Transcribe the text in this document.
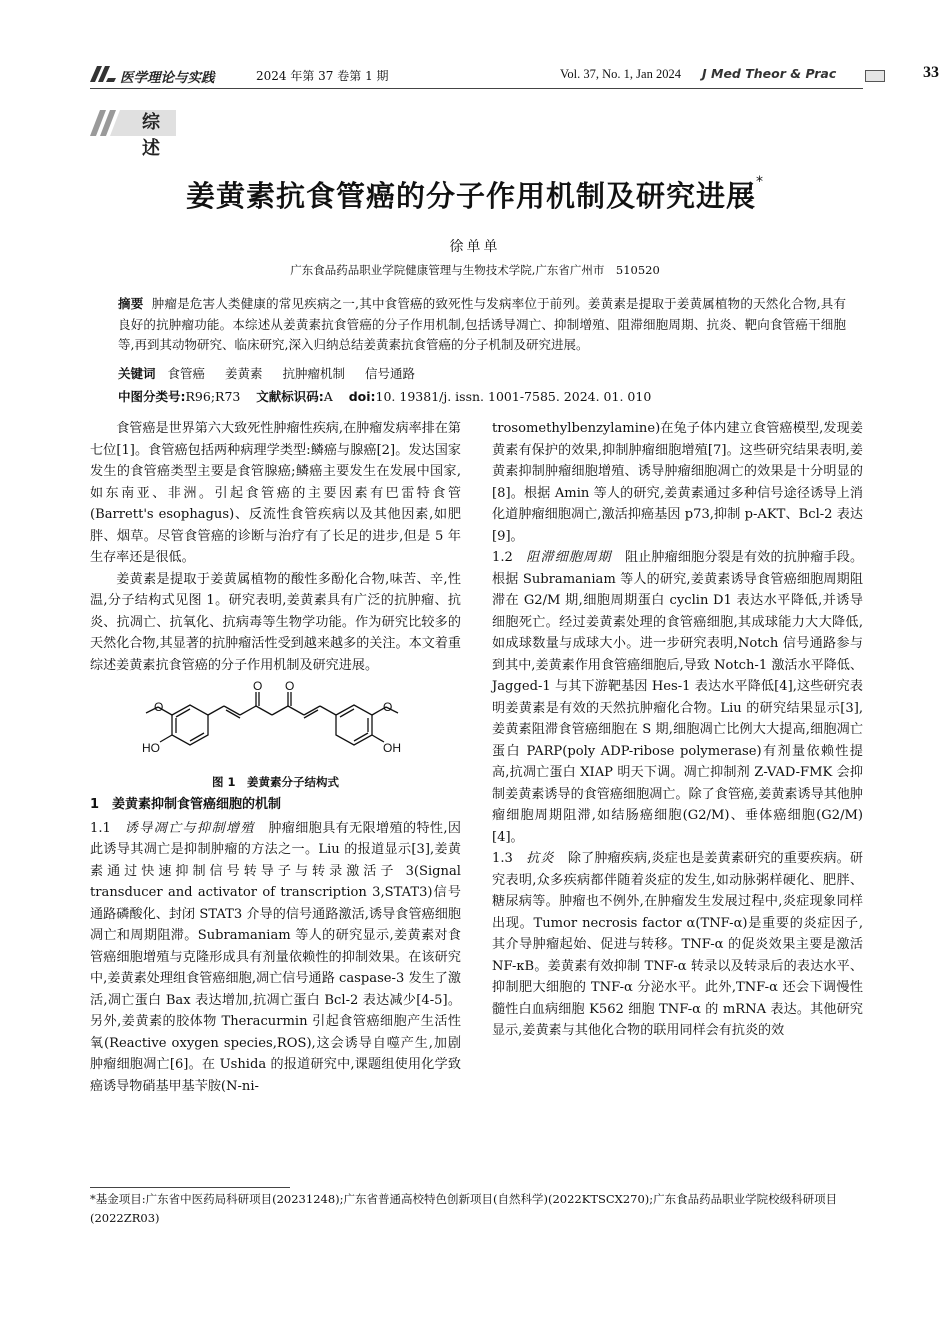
医学理论与实践	2024 年第 37 卷第 1 期	Vol. 37, No. 1, Jan 2024 J Med Theor & Prac	33
综 述
姜黄素抗食管癌的分子作用机制及研究进展*
徐单单
广东食品药品职业学院健康管理与生物技术学院,广东省广州市　510520
摘要 肿瘤是危害人类健康的常见疾病之一,其中食管癌的致死性与发病率位于前列。姜黄素是提取于姜黄属植物的天然化合物,具有良好的抗肿瘤功能。本综述从姜黄素抗食管癌的分子作用机制,包括诱导凋亡、抑制增殖、阻滞细胞周期、抗炎、靶向食管癌干细胞等,再到其动物研究、临床研究,深入归纳总结姜黄素抗食管癌的分子机制及研究进展。
关键词 食管癌 姜黄素 抗肿瘤机制 信号通路
中图分类号:R96;R73 文献标识码:A doi:10. 19381/j. issn. 1001-7585. 2024. 01. 010

食管癌是世界第六大致死性肿瘤性疾病,在肿瘤发病率排在第七位[1]。食管癌包括两种病理学类型:鳞癌与腺癌[2]。发达国家发生的食管癌类型主要是食管腺癌;鳞癌主要发生在发展中国家,如东南亚、非洲。引起食管癌的主要因素有巴雷特食管(Barrett's esophagus)、反流性食管疾病以及其他因素,如肥胖、烟草。尽管食管癌的诊断与治疗有了长足的进步,但是 5 年生存率还是很低。

姜黄素是提取于姜黄属植物的酸性多酚化合物,味苦、辛,性温,分子结构式见图 1。研究表明,姜黄素具有广泛的抗肿瘤、抗炎、抗凋亡、抗氧化、抗病毒等生物学功能。作为研究比较多的天然化合物,其显著的抗肿瘤活性受到越来越多的关注。本文着重综述姜黄素抗食管癌的分子作用机制及研究进展。

O O
O	O
HO	OH
图 1　姜黄素分子结构式
1　姜黄素抑制食管癌细胞的机制

1.1　 诱导凋亡与抑制增殖　 肿瘤细胞具有无限增殖的特性,因此诱导其凋亡是抑制肿瘤的方法之一。Liu 的报道显示[3],姜黄素通过快速抑制信号转导子与转录激活子 3(Signal transducer and activator of transcription 3,STAT3)信号通路磷酸化、封闭 STAT3 介导的信号通路激活,诱导食管癌细胞凋亡和周期阻滞。Subramaniam 等人的研究显示,姜黄素对食管癌细胞增殖与克隆形成具有剂量依赖性的抑制效果。在该研究中,姜黄素处理组食管癌细胞,凋亡信号通路 caspase-3 发生了激活,凋亡蛋白 Bax 表达增加,抗凋亡蛋白 Bcl-2 表达减少[4-5]。另外,姜黄素的胶体物 Theracurmin 引起食管癌细胞产生活性氧(Reactive oxygen species,ROS),这会诱导自噬产生,加剧肿瘤细胞凋亡[6]。在 Ushida 的报道研究中,课题组使用化学致癌诱导物硝基甲基苄胺(N-ni-

trosomethylbenzylamine)在兔子体内建立食管癌模型,发现姜黄素有保护的效果,抑制肿瘤细胞增殖[7]。这些研究结果表明,姜黄素抑制肿瘤细胞增殖、诱导肿瘤细胞凋亡的效果是十分明显的[8]。根据 Amin 等人的研究,姜黄素通过多种信号途径诱导上消化道肿瘤细胞凋亡,激活抑癌基因 p73,抑制 p-AKT、Bcl-2 表达[9]。

1.2　 阻滞细胞周期　 阻止肿瘤细胞分裂是有效的抗肿瘤手段。根据 Subramaniam 等人的研究,姜黄素诱导食管癌细胞周期阻滞在 G2/M 期,细胞周期蛋白 cyclin D1 表达水平降低,并诱导细胞死亡。经过姜黄素处理的食管癌细胞,其成球能力大大降低,如成球数量与成球大小。进一步研究表明,Notch 信号通路参与到其中,姜黄素作用食管癌细胞后,导致 Notch-1 激活水平降低、Jagged-1 与其下游靶基因 Hes-1 表达水平降低[4],这些研究表明姜黄素是有效的天然抗肿瘤化合物。Liu 的研究结果显示[3],姜黄素阻滞食管癌细胞在 S 期,细胞凋亡比例大大提高,细胞凋亡蛋白 PARP(poly ADP-ribose polymerase)有剂量依赖性提高,抗凋亡蛋白 XIAP 明天下调。凋亡抑制剂 Z-VAD-FMK 会抑制姜黄素诱导的食管癌细胞凋亡。除了食管癌,姜黄素诱导其他肿瘤细胞周期阻滞,如结肠癌细胞(G2/M)、垂体癌细胞(G2/M)[4]。

1.3　 抗炎　 除了肿瘤疾病,炎症也是姜黄素研究的重要疾病。研究表明,众多疾病都伴随着炎症的发生,如动脉粥样硬化、肥胖、糖尿病等。肿瘤也不例外,在肿瘤发生发展过程中,炎症现象同样出现。Tumor necrosis factor α(TNF-α)是重要的炎症因子,其介导肿瘤起始、促进与转移。TNF-α 的促炎效果主要是激活 NF-κB。姜黄素有效抑制 TNF-α 转录以及转录后的表达水平、抑制肥大细胞的 TNF-α 分泌水平。此外,TNF-α 还会下调慢性髓性白血病细胞 K562 细胞 TNF-α 的 mRNA 表达。其他研究显示,姜黄素与其他化合物的联用同样会有抗炎的效

*基金项目:广东省中医药局科研项目(20231248);广东省普通高校特色创新项目(自然科学)(2022KTSCX270);广东食品药品职业学院校级科研项目(2022ZR03)
